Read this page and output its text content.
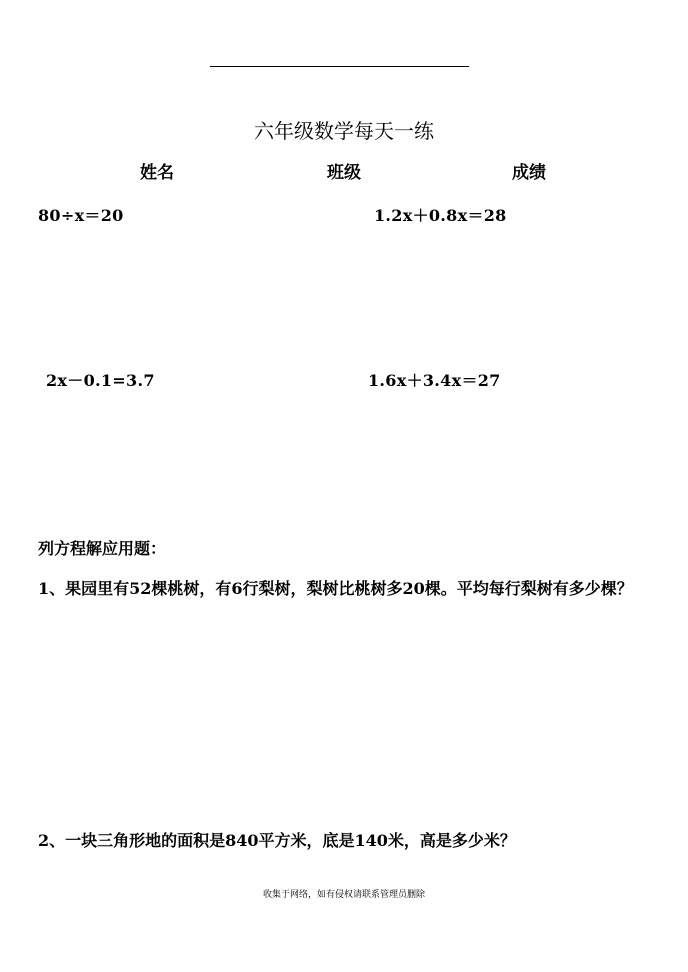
六年级数学每天一练
姓名	班级	成绩
80÷x＝20	1.2x＋0.8x＝28
2x－0.1=3.7	1.6x＋3.4x＝27
列方程解应用题：
1、果园里有52棵桃树，有6行梨树，梨树比桃树多20棵。平均每行梨树有多少棵？
2、一块三角形地的面积是840平方米，底是140米，高是多少米？
收集于网络，如有侵权请联系管理员删除
